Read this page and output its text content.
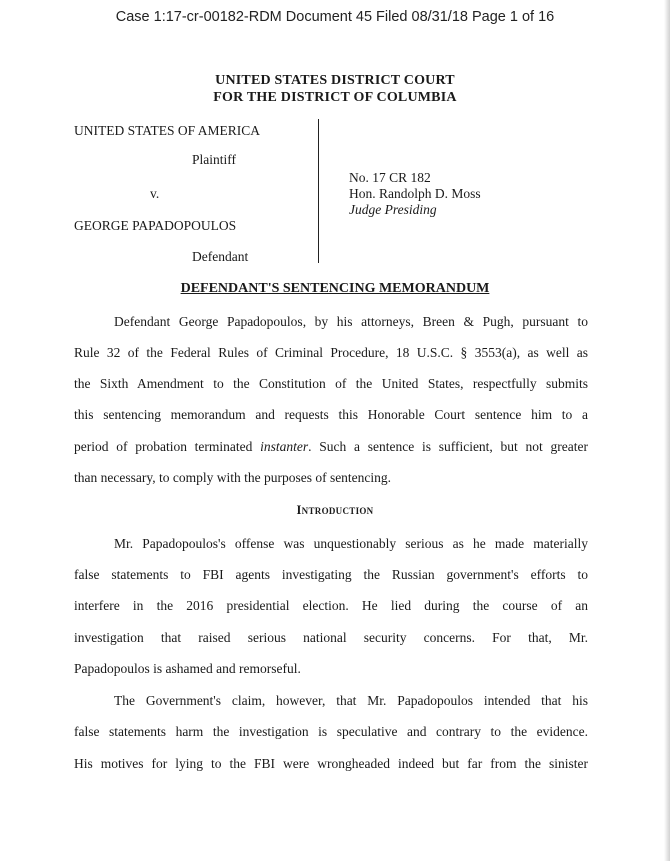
Case 1:17-cr-00182-RDM Document 45 Filed 08/31/18 Page 1 of 16
UNITED STATES DISTRICT COURT
FOR THE DISTRICT OF COLUMBIA
UNITED STATES OF AMERICA
Plaintiff
v.
GEORGE PAPADOPOULOS
Defendant
No. 17 CR 182
Hon. Randolph D. Moss
Judge Presiding
DEFENDANT'S SENTENCING MEMORANDUM
Defendant George Papadopoulos, by his attorneys, Breen & Pugh, pursuant to
Rule 32 of the Federal Rules of Criminal Procedure, 18 U.S.C. § 3553(a), as well as
the Sixth Amendment to the Constitution of the United States, respectfully submits
this sentencing memorandum and requests this Honorable Court sentence him to a
period of probation terminated instanter. Such a sentence is sufficient, but not greater
than necessary, to comply with the purposes of sentencing.
Introduction
Mr. Papadopoulos's offense was unquestionably serious as he made materially
false statements to FBI agents investigating the Russian government's efforts to
interfere in the 2016 presidential election. He lied during the course of an
investigation that raised serious national security concerns. For that, Mr.
Papadopoulos is ashamed and remorseful.
The Government's claim, however, that Mr. Papadopoulos intended that his
false statements harm the investigation is speculative and contrary to the evidence.
His motives for lying to the FBI were wrongheaded indeed but far from the sinister
